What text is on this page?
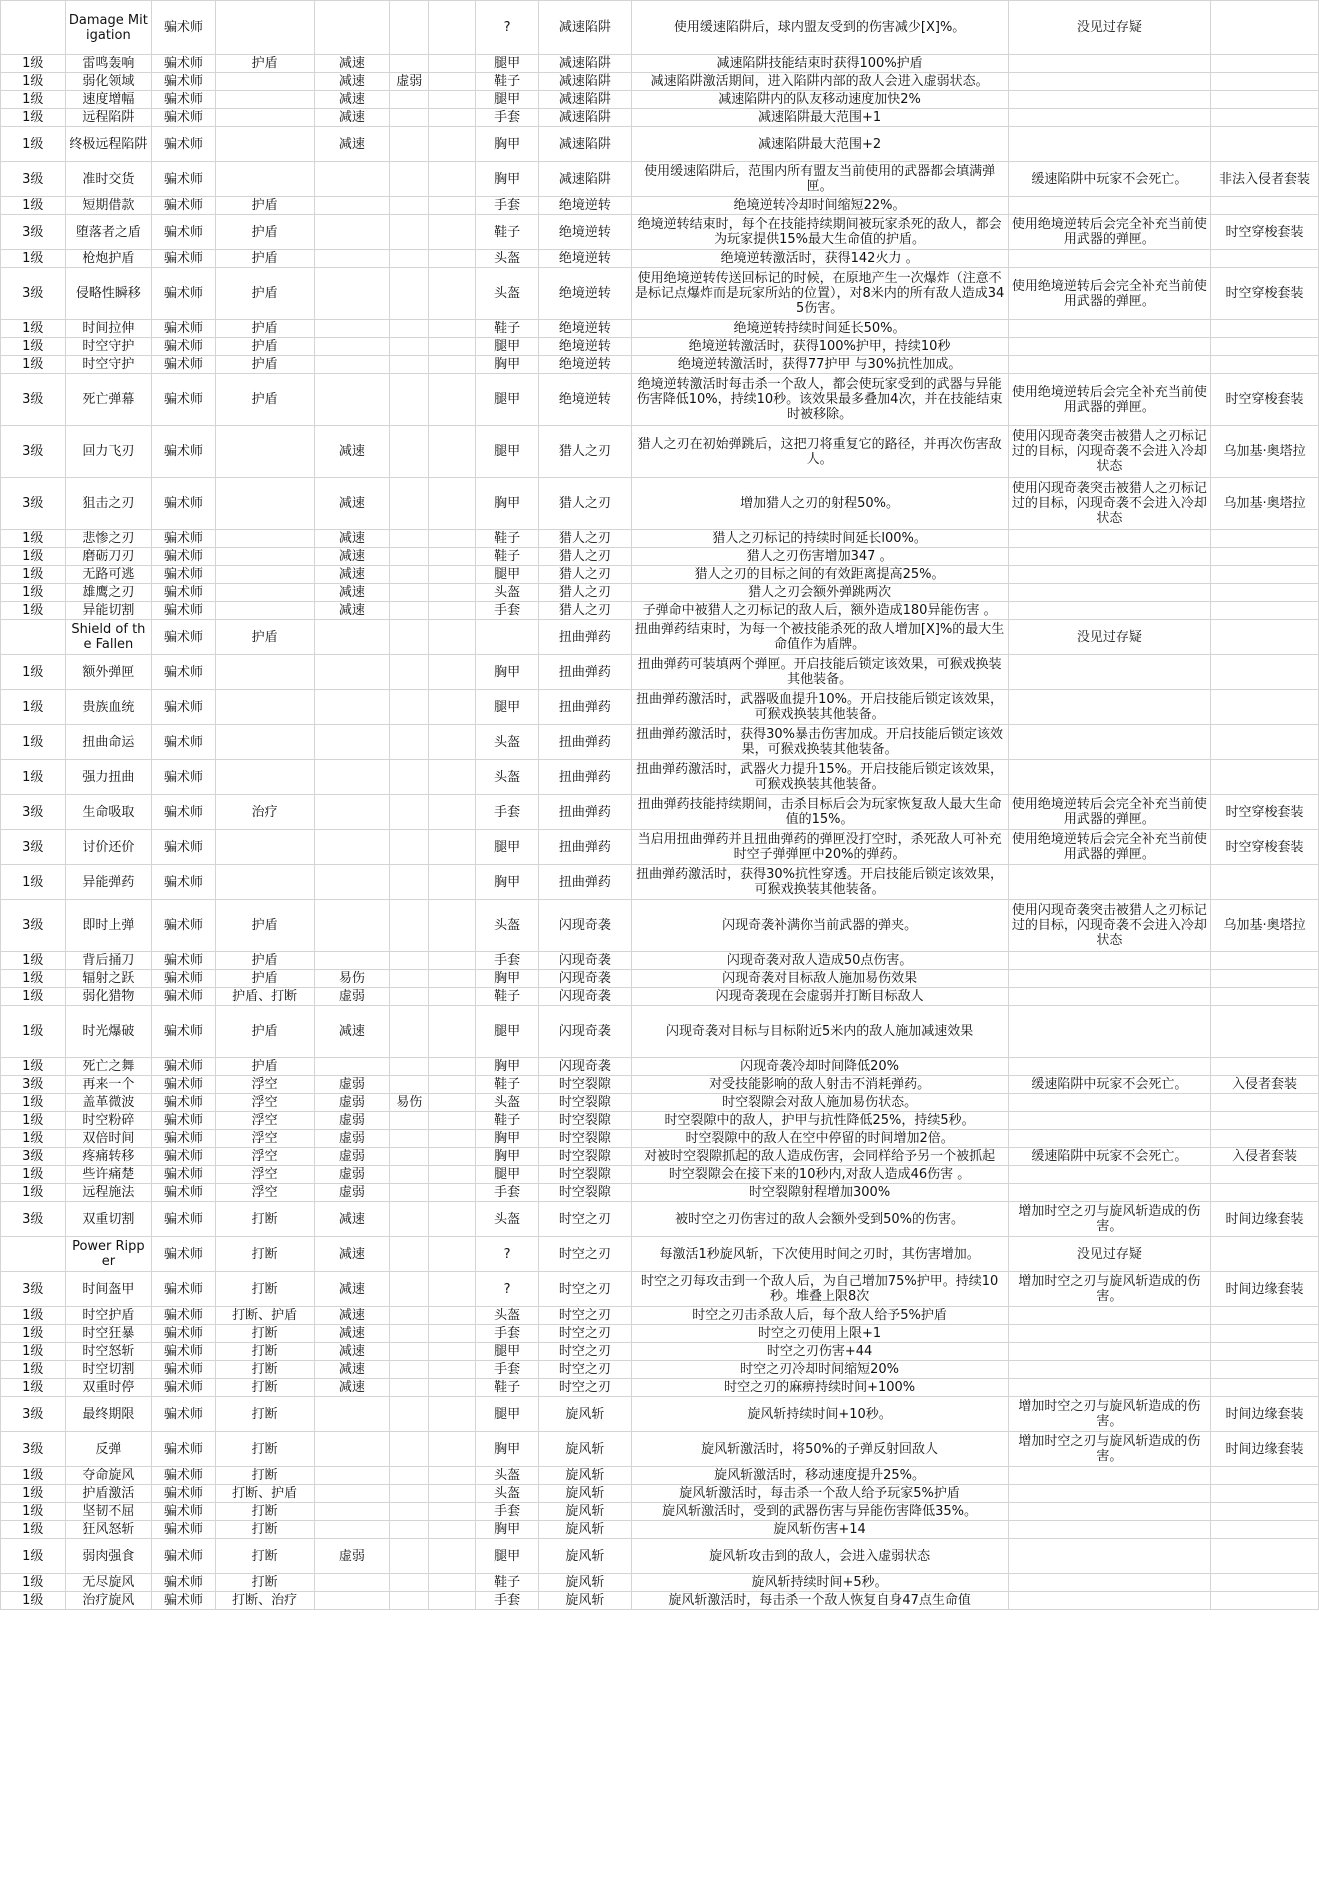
	Damage Mitigation	骗术师					?	减速陷阱	使用缓速陷阱后，球内盟友受到的伤害减少[X]%。	没见过存疑	
1级	雷鸣轰响	骗术师	护盾	减速			腿甲	减速陷阱	减速陷阱技能结束时获得100%护盾		
1级	弱化领域	骗术师		减速	虚弱		鞋子	减速陷阱	减速陷阱激活期间，进入陷阱内部的敌人会进入虚弱状态。		
1级	速度增幅	骗术师		减速			腿甲	减速陷阱	减速陷阱内的队友移动速度加快2%		
1级	远程陷阱	骗术师		减速			手套	减速陷阱	减速陷阱最大范围+1		
1级	终极远程陷阱	骗术师		减速			胸甲	减速陷阱	减速陷阱最大范围+2		
3级	准时交货	骗术师					胸甲	减速陷阱	使用缓速陷阱后，范围内所有盟友当前使用的武器都会填满弹匣。	缓速陷阱中玩家不会死亡。	非法入侵者套装
1级	短期借款	骗术师	护盾				手套	绝境逆转	绝境逆转冷却时间缩短22%。		
3级	堕落者之盾	骗术师	护盾				鞋子	绝境逆转	绝境逆转结束时，每个在技能持续期间被玩家杀死的敌人，都会为玩家提供15%最大生命值的护盾。	使用绝境逆转后会完全补充当前使用武器的弹匣。	时空穿梭套装
1级	枪炮护盾	骗术师	护盾				头盔	绝境逆转	绝境逆转激活时，获得142火力 。		
3级	侵略性瞬移	骗术师	护盾				头盔	绝境逆转	使用绝境逆转传送回标记的时候，在原地产生一次爆炸（注意不是标记点爆炸而是玩家所站的位置），对8米内的所有敌人造成345伤害。	使用绝境逆转后会完全补充当前使用武器的弹匣。	时空穿梭套装
1级	时间拉伸	骗术师	护盾				鞋子	绝境逆转	绝境逆转持续时间延长50%。		
1级	时空守护	骗术师	护盾				腿甲	绝境逆转	绝境逆转激活时，获得100%护甲，持续10秒		
1级	时空守护	骗术师	护盾				胸甲	绝境逆转	绝境逆转激活时，获得77护甲 与30%抗性加成。		
3级	死亡弹幕	骗术师	护盾				腿甲	绝境逆转	绝境逆转激活时每击杀一个敌人，都会使玩家受到的武器与异能伤害降低10%，持续10秒。该效果最多叠加4次，并在技能结束时被移除。	使用绝境逆转后会完全补充当前使用武器的弹匣。	时空穿梭套装
3级	回力飞刃	骗术师		减速			腿甲	猎人之刃	猎人之刃在初始弹跳后，这把刀将重复它的路径，并再次伤害敌人。	使用闪现奇袭突击被猎人之刃标记过的目标，闪现奇袭不会进入冷却状态	乌加基·奥塔拉
3级	狙击之刃	骗术师		减速			胸甲	猎人之刃	增加猎人之刃的射程50%。	使用闪现奇袭突击被猎人之刃标记过的目标，闪现奇袭不会进入冷却状态	乌加基·奥塔拉
1级	悲惨之刃	骗术师		减速			鞋子	猎人之刃	猎人之刃标记的持续时间延长l00%。		
1级	磨砺刀刃	骗术师		减速			鞋子	猎人之刃	猎人之刃伤害增加347 。		
1级	无路可逃	骗术师		减速			腿甲	猎人之刃	猎人之刃的目标之间的有效距离提高25%。		
1级	雄鹰之刃	骗术师		减速			头盔	猎人之刃	猎人之刃会额外弹跳两次		
1级	异能切割	骗术师		减速			手套	猎人之刃	子弹命中被猎人之刃标记的敌人后，额外造成180异能伤害 。		
	Shield of the Fallen	骗术师	护盾					扭曲弹药	扭曲弹药结束时，为每一个被技能杀死的敌人增加[X]%的最大生命值作为盾牌。	没见过存疑	
1级	额外弹匣	骗术师					胸甲	扭曲弹药	扭曲弹药可装填两个弹匣。开启技能后锁定该效果，可猴戏换装其他装备。		
1级	贵族血统	骗术师					腿甲	扭曲弹药	扭曲弹药激活时，武器吸血提升10%。开启技能后锁定该效果，可猴戏换装其他装备。		
1级	扭曲命运	骗术师					头盔	扭曲弹药	扭曲弹药激活时，获得30%暴击伤害加成。开启技能后锁定该效果，可猴戏换装其他装备。		
1级	强力扭曲	骗术师					头盔	扭曲弹药	扭曲弹药激活时，武器火力提升15%。开启技能后锁定该效果，可猴戏换装其他装备。		
3级	生命吸取	骗术师	治疗				手套	扭曲弹药	扭曲弹药技能持续期间，击杀目标后会为玩家恢复敌人最大生命值的15%。	使用绝境逆转后会完全补充当前使用武器的弹匣。	时空穿梭套装
3级	讨价还价	骗术师					腿甲	扭曲弹药	当启用扭曲弹药并且扭曲弹药的弹匣没打空时，杀死敌人可补充时空子弹弹匣中20%的弹药。	使用绝境逆转后会完全补充当前使用武器的弹匣。	时空穿梭套装
1级	异能弹药	骗术师					胸甲	扭曲弹药	扭曲弹药激活时，获得30%抗性穿透。开启技能后锁定该效果，可猴戏换装其他装备。		
3级	即时上弹	骗术师	护盾				头盔	闪现奇袭	闪现奇袭补满你当前武器的弹夹。	使用闪现奇袭突击被猎人之刃标记过的目标，闪现奇袭不会进入冷却状态	乌加基·奥塔拉
1级	背后捅刀	骗术师	护盾				手套	闪现奇袭	闪现奇袭对敌人造成50点伤害。		
1级	辐射之跃	骗术师	护盾	易伤			胸甲	闪现奇袭	闪现奇袭对目标敌人施加易伤效果		
1级	弱化猎物	骗术师	护盾、打断	虚弱			鞋子	闪现奇袭	闪现奇袭现在会虚弱并打断目标敌人		
1级	时光爆破	骗术师	护盾	减速			腿甲	闪现奇袭	闪现奇袭对目标与目标附近5米内的敌人施加减速效果		
1级	死亡之舞	骗术师	护盾				胸甲	闪现奇袭	闪现奇袭冷却时间降低20%		
3级	再来一个	骗术师	浮空	虚弱			鞋子	时空裂隙	对受技能影响的敌人射击不消耗弹药。	缓速陷阱中玩家不会死亡。	入侵者套装
1级	盖革微波	骗术师	浮空	虚弱	易伤		头盔	时空裂隙	时空裂隙会对敌人施加易伤状态。		
1级	时空粉碎	骗术师	浮空	虚弱			鞋子	时空裂隙	时空裂隙中的敌人，护甲与抗性降低25%，持续5秒。		
1级	双倍时间	骗术师	浮空	虚弱			胸甲	时空裂隙	时空裂隙中的敌人在空中停留的时间增加2倍。		
3级	疼痛转移	骗术师	浮空	虚弱			胸甲	时空裂隙	对被时空裂隙抓起的敌人造成伤害，会同样给予另一个被抓起	缓速陷阱中玩家不会死亡。	入侵者套装
1级	些许痛楚	骗术师	浮空	虚弱			腿甲	时空裂隙	时空裂隙会在接下来的10秒内,对敌人造成46伤害 。		
1级	远程施法	骗术师	浮空	虚弱			手套	时空裂隙	时空裂隙射程增加300%		
3级	双重切割	骗术师	打断	减速			头盔	时空之刃	被时空之刃伤害过的敌人会额外受到50%的伤害。	增加时空之刃与旋风斩造成的伤害。	时间边缘套装
	Power Ripper	骗术师	打断	减速			?	时空之刃	每激活1秒旋风斩，下次使用时间之刃时，其伤害增加。	没见过存疑	
3级	时间盔甲	骗术师	打断	减速			?	时空之刃	时空之刃每攻击到一个敌人后，为自己增加75%护甲。持续10秒。堆叠上限8次	增加时空之刃与旋风斩造成的伤害。	时间边缘套装
1级	时空护盾	骗术师	打断、护盾	减速			头盔	时空之刃	时空之刃击杀敌人后，每个敌人给予5%护盾		
1级	时空狂暴	骗术师	打断	减速			手套	时空之刃	时空之刃使用上限+1		
1级	时空怒斩	骗术师	打断	减速			腿甲	时空之刃	时空之刃伤害+44		
1级	时空切割	骗术师	打断	减速			手套	时空之刃	时空之刃冷却时间缩短20%		
1级	双重时停	骗术师	打断	减速			鞋子	时空之刃	时空之刃的麻痹持续时间+100%		
3级	最终期限	骗术师	打断				腿甲	旋风斩	旋风斩持续时间+10秒。	增加时空之刃与旋风斩造成的伤害。	时间边缘套装
3级	反弹	骗术师	打断				胸甲	旋风斩	旋风斩激活时，将50%的子弹反射回敌人	增加时空之刃与旋风斩造成的伤害。	时间边缘套装
1级	夺命旋风	骗术师	打断				头盔	旋风斩	旋风斩激活时，移动速度提升25%。		
1级	护盾激活	骗术师	打断、护盾				头盔	旋风斩	旋风斩激活时，每击杀一个敌人给予玩家5%护盾		
1级	坚韧不屈	骗术师	打断				手套	旋风斩	旋风斩激活时，受到的武器伤害与异能伤害降低35%。		
1级	狂风怒斩	骗术师	打断				胸甲	旋风斩	旋风斩伤害+14		
1级	弱肉强食	骗术师	打断	虚弱			腿甲	旋风斩	旋风斩攻击到的敌人，会进入虚弱状态		
1级	无尽旋风	骗术师	打断				鞋子	旋风斩	旋风斩持续时间+5秒。		
1级	治疗旋风	骗术师	打断、治疗				手套	旋风斩	旋风斩激活时，每击杀一个敌人恢复自身47点生命值		
